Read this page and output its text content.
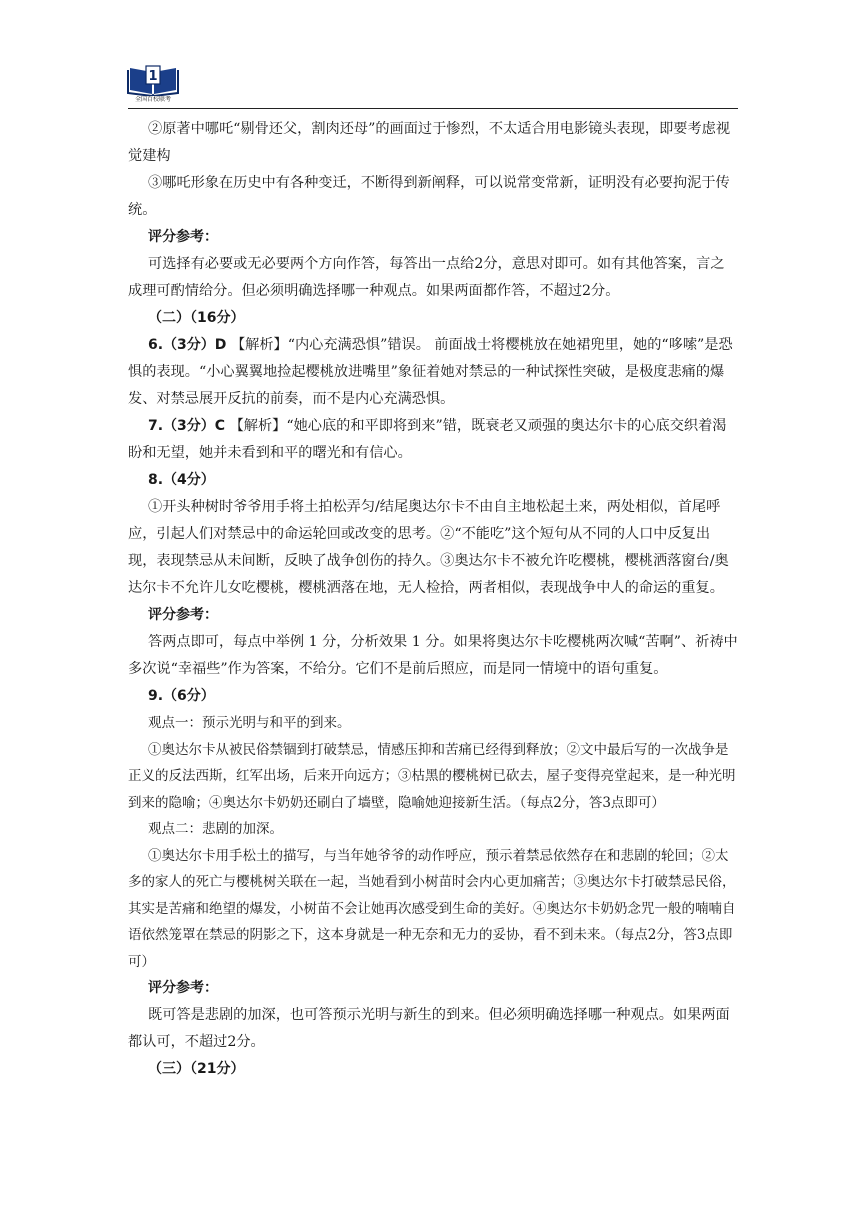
1
全国百校联考

②原著中哪吒“剔骨还父，割肉还母”的画面过于惨烈，不太适合用电影镜头表现，即要考虑视觉建构

③哪吒形象在历史中有各种变迁，不断得到新阐释，可以说常变常新，证明没有必要拘泥于传统。

评分参考：

可选择有必要或无必要两个方向作答，每答出一点给2分，意思对即可。如有其他答案，言之成理可酌情给分。但必须明确选择哪一种观点。如果两面都作答，不超过2分。

（二）（16分）

6.（3分）D 【解析】“内心充满恐惧”错误。 前面战士将樱桃放在她裙兜里，她的“哆嗦”是恐惧的表现。“小心翼翼地捡起樱桃放进嘴里”象征着她对禁忌的一种试探性突破，是极度悲痛的爆发、对禁忌展开反抗的前奏，而不是内心充满恐惧。

7.（3分）C 【解析】“她心底的和平即将到来”错，既衰老又顽强的奥达尔卡的心底交织着渴盼和无望，她并未看到和平的曙光和有信心。

8.（4分）

①开头种树时爷爷用手将土拍松弄匀/结尾奥达尔卡不由自主地松起土来，两处相似，首尾呼应，引起人们对禁忌中的命运轮回或改变的思考。②“不能吃”这个短句从不同的人口中反复出现，表现禁忌从未间断，反映了战争创伤的持久。③奥达尔卡不被允许吃樱桃，樱桃洒落窗台/奥达尔卡不允许儿女吃樱桃，樱桃洒落在地，无人检拾，两者相似，表现战争中人的命运的重复。

评分参考：

答两点即可，每点中举例 1 分，分析效果 1 分。如果将奥达尔卡吃樱桃两次喊“苦啊”、祈祷中多次说“幸福些”作为答案，不给分。它们不是前后照应，而是同一情境中的语句重复。

9.（6分）

观点一：预示光明与和平的到来。

①奥达尔卡从被民俗禁锢到打破禁忌，情感压抑和苦痛已经得到释放；②文中最后写的一次战争是正义的反法西斯，红军出场，后来开向远方；③枯黑的樱桃树已砍去，屋子变得亮堂起来，是一种光明到来的隐喻；④奥达尔卡奶奶还刷白了墙壁，隐喻她迎接新生活。（每点2分，答3点即可）

观点二：悲剧的加深。

①奥达尔卡用手松土的描写，与当年她爷爷的动作呼应，预示着禁忌依然存在和悲剧的轮回；②太多的家人的死亡与樱桃树关联在一起，当她看到小树苗时会内心更加痛苦；③奥达尔卡打破禁忌民俗，其实是苦痛和绝望的爆发，小树苗不会让她再次感受到生命的美好。④奥达尔卡奶奶念咒一般的喃喃自语依然笼罩在禁忌的阴影之下，这本身就是一种无奈和无力的妥协，看不到未来。（每点2分，答3点即可）

评分参考：

既可答是悲剧的加深，也可答预示光明与新生的到来。但必须明确选择哪一种观点。如果两面都认可，不超过2分。

（三）（21分）
